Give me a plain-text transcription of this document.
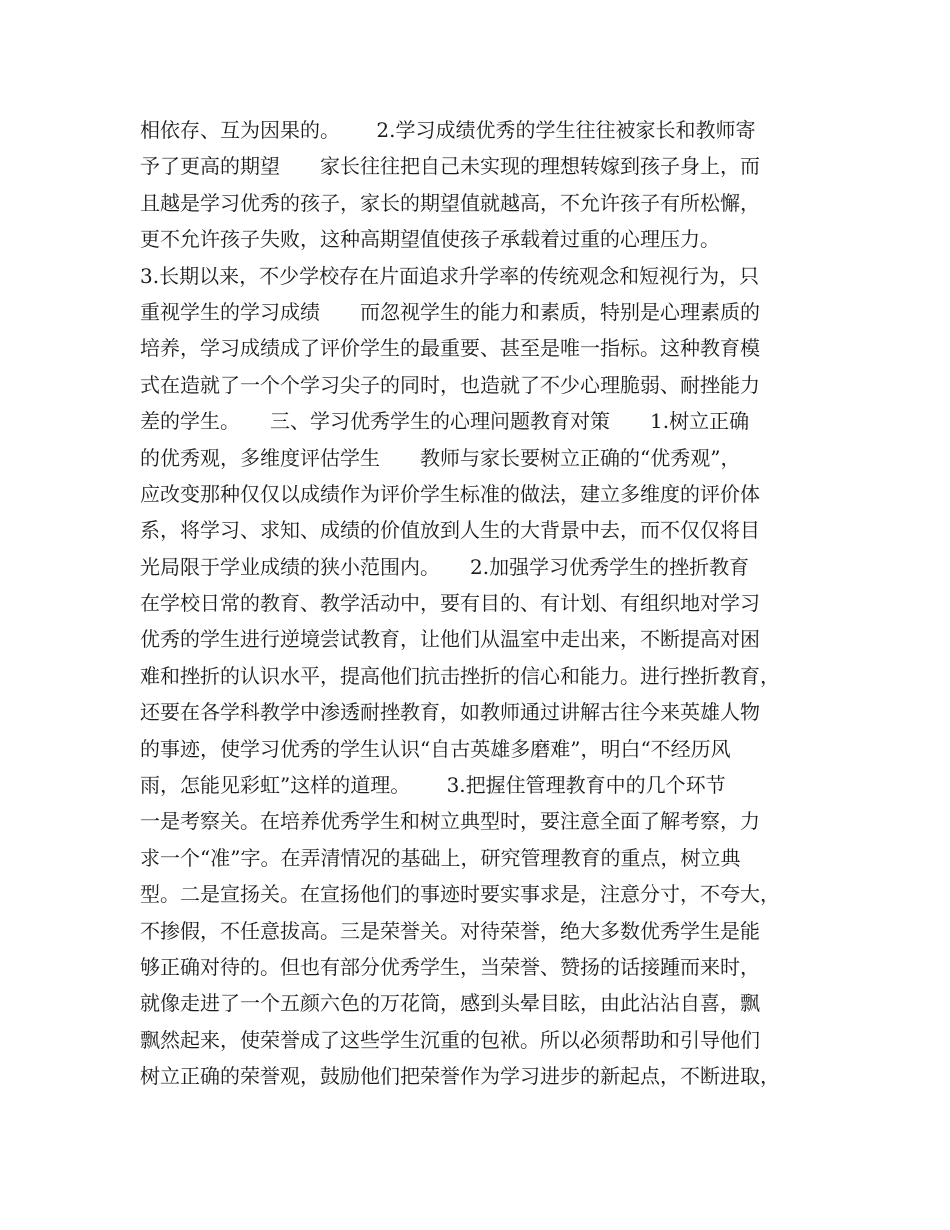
相依存、互为因果的。　　 2.学习成绩优秀的学生往往被家长和教师寄
予了更高的期望　　家长往往把自己未实现的理想转嫁到孩子身上，而
且越是学习优秀的孩子，家长的期望值就越高，不允许孩子有所松懈，
更不允许孩子失败，这种高期望值使孩子承载着过重的心理压力。
3.长期以来，不少学校存在片面追求升学率的传统观念和短视行为，只
重视学生的学习成绩　　而忽视学生的能力和素质，特别是心理素质的
培养，学习成绩成了评价学生的最重要、甚至是唯一指标。这种教育模
式在造就了一个个学习尖子的同时，也造就了不少心理脆弱、耐挫能力
差的学生。　　三、学习优秀学生的心理问题教育对策　　1.树立正确
的优秀观，多维度评估学生　　教师与家长要树立正确的“优秀观”，
应改变那种仅仅以成绩作为评价学生标准的做法，建立多维度的评价体
系，将学习、求知、成绩的价值放到人生的大背景中去，而不仅仅将目
光局限于学业成绩的狭小范围内。　　2.加强学习优秀学生的挫折教育
在学校日常的教育、教学活动中，要有目的、有计划、有组织地对学习
优秀的学生进行逆境尝试教育，让他们从温室中走出来，不断提高对困
难和挫折的认识水平，提高他们抗击挫折的信心和能力。进行挫折教育，
还要在各学科教学中渗透耐挫教育，如教师通过讲解古往今来英雄人物
的事迹，使学习优秀的学生认识“自古英雄多磨难”，明白“不经历风
雨，怎能见彩虹”这样的道理。　　 3.把握住管理教育中的几个环节
一是考察关。在培养优秀学生和树立典型时，要注意全面了解考察，力
求一个“准”字。在弄清情况的基础上，研究管理教育的重点，树立典
型。二是宣扬关。在宣扬他们的事迹时要实事求是，注意分寸，不夸大，
不掺假，不任意拔高。三是荣誉关。对待荣誉，绝大多数优秀学生是能
够正确对待的。但也有部分优秀学生，当荣誉、赞扬的话接踵而来时，
就像走进了一个五颜六色的万花筒，感到头晕目眩，由此沾沾自喜，飘
飘然起来，使荣誉成了这些学生沉重的包袱。所以必须帮助和引导他们
树立正确的荣誉观，鼓励他们把荣誉作为学习进步的新起点，不断进取，
